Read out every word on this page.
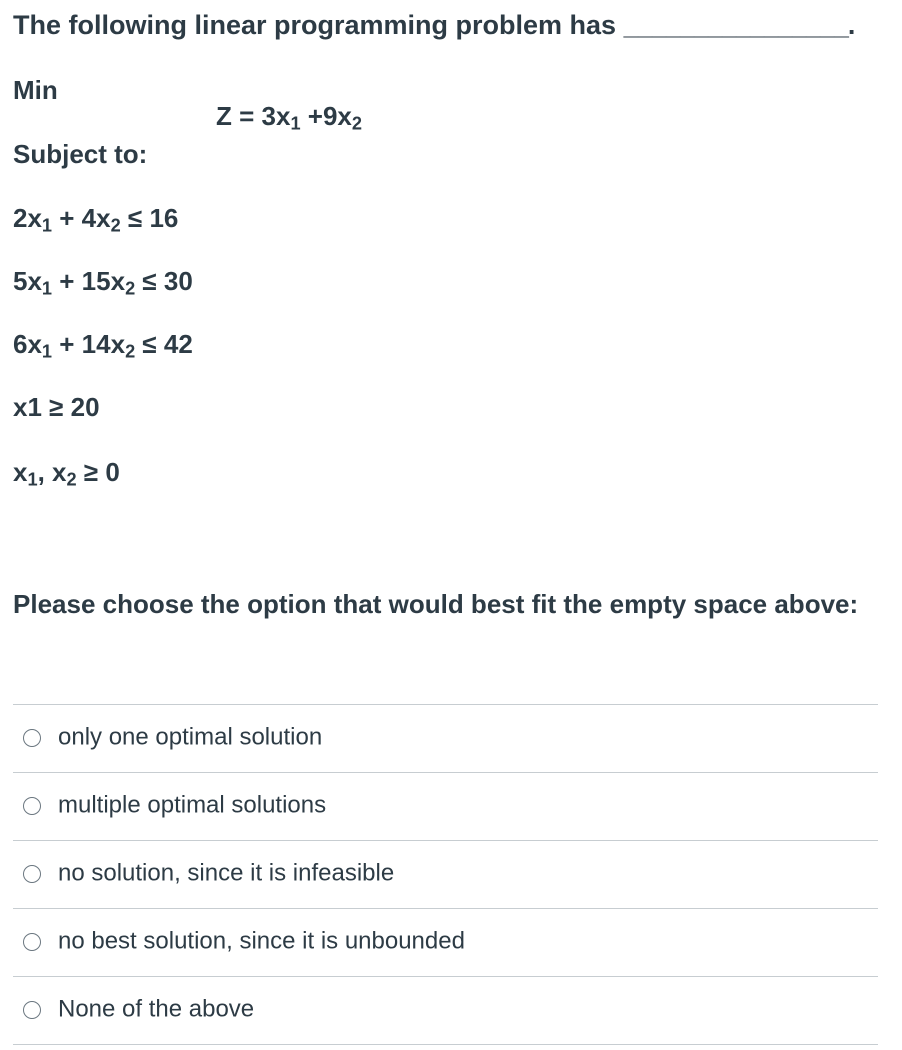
The following linear programming problem has ________________.

Min

$Z = 3x_1 +9x_2$

Subject to:

$2x_1 + 4x_2 \le 16$

$5x_1 + 15x_2 \le 30$

$6x_1 + 14x_2 \le 42$

x1 ≥ 20

$x_1$, $x_2 \ge 0$

Please choose the option that would best fit the empty space above:

only one optimal solution
multiple optimal solutions
no solution, since it is infeasible
no best solution, since it is unbounded
None of the above
